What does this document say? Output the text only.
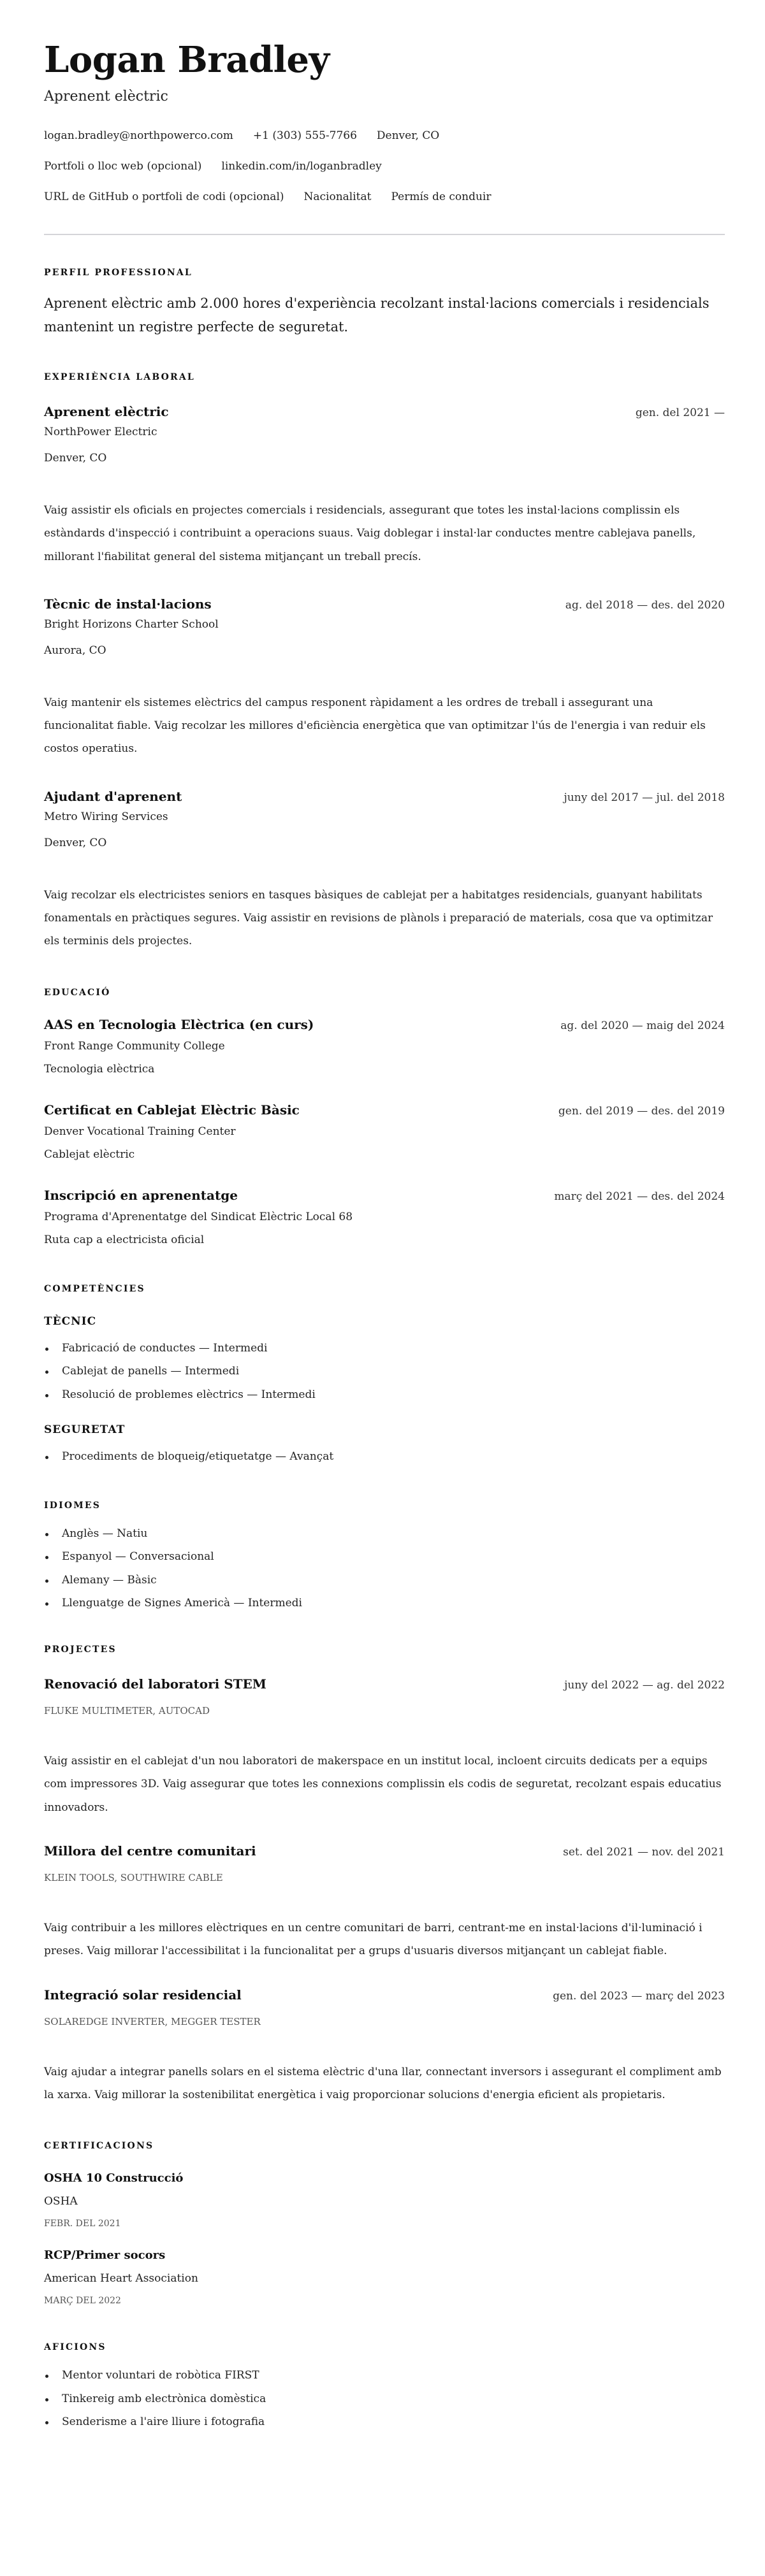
Logan Bradley
Aprenent elèctric
logan.bradley@northpowerco.com +1 (303) 555-7766 Denver, CO
Portfoli o lloc web (opcional) linkedin.com/in/loganbradley
URL de GitHub o portfoli de codi (opcional) Nacionalitat Permís de conduir
PERFIL PROFESSIONAL
Aprenent elèctric amb 2.000 hores d'experiència recolzant instal·lacions comercials i residencials mantenint un registre perfecte de seguretat.
EXPERIÈNCIA LABORAL
Aprenent elèctric	gen. del 2021 —
NorthPower Electric
Denver, CO
Vaig assistir els oficials en projectes comercials i residencials, assegurant que totes les instal·lacions complissin els estàndards d'inspecció i contribuint a operacions suaus. Vaig doblegar i instal·lar conductes mentre cablejava panells, millorant l'fiabilitat general del sistema mitjançant un treball precís.
Tècnic de instal·lacions	ag. del 2018 — des. del 2020
Bright Horizons Charter School
Aurora, CO
Vaig mantenir els sistemes elèctrics del campus responent ràpidament a les ordres de treball i assegurant una funcionalitat fiable. Vaig recolzar les millores d'eficiència energètica que van optimitzar l'ús de l'energia i van reduir els costos operatius.
Ajudant d'aprenent	juny del 2017 — jul. del 2018
Metro Wiring Services
Denver, CO
Vaig recolzar els electricistes seniors en tasques bàsiques de cablejat per a habitatges residencials, guanyant habilitats fonamentals en pràctiques segures. Vaig assistir en revisions de plànols i preparació de materials, cosa que va optimitzar els terminis dels projectes.
EDUCACIÓ
AAS en Tecnologia Elèctrica (en curs)	ag. del 2020 — maig del 2024
Front Range Community College
Tecnologia elèctrica
Certificat en Cablejat Elèctric Bàsic	gen. del 2019 — des. del 2019
Denver Vocational Training Center
Cablejat elèctric
Inscripció en aprenentatge	març del 2021 — des. del 2024
Programa d'Aprenentatge del Sindicat Elèctric Local 68
Ruta cap a electricista oficial
COMPETÈNCIES
TÈCNIC
Fabricació de conductes — Intermedi
Cablejat de panells — Intermedi
Resolució de problemes elèctrics — Intermedi
SEGURETAT
Procediments de bloqueig/etiquetatge — Avançat
IDIOMES
Anglès — Natiu
Espanyol — Conversacional
Alemany — Bàsic
Llenguatge de Signes Americà — Intermedi
PROJECTES
Renovació del laboratori STEM	juny del 2022 — ag. del 2022
FLUKE MULTIMETER, AUTOCAD
Vaig assistir en el cablejat d'un nou laboratori de makerspace en un institut local, incloent circuits dedicats per a equips com impressores 3D. Vaig assegurar que totes les connexions complissin els codis de seguretat, recolzant espais educatius innovadors.
Millora del centre comunitari	set. del 2021 — nov. del 2021
KLEIN TOOLS, SOUTHWIRE CABLE
Vaig contribuir a les millores elèctriques en un centre comunitari de barri, centrant-me en instal·lacions d'il·luminació i preses. Vaig millorar l'accessibilitat i la funcionalitat per a grups d'usuaris diversos mitjançant un cablejat fiable.
Integració solar residencial	gen. del 2023 — març del 2023
SOLAREDGE INVERTER, MEGGER TESTER
Vaig ajudar a integrar panells solars en el sistema elèctric d'una llar, connectant inversors i assegurant el compliment amb la xarxa. Vaig millorar la sostenibilitat energètica i vaig proporcionar solucions d'energia eficient als propietaris.
CERTIFICACIONS
OSHA 10 Construcció
OSHA
FEBR. DEL 2021
RCP/Primer socors
American Heart Association
MARÇ DEL 2022
AFICIONS
Mentor voluntari de robòtica FIRST
Tinkereig amb electrònica domèstica
Senderisme a l'aire lliure i fotografia
